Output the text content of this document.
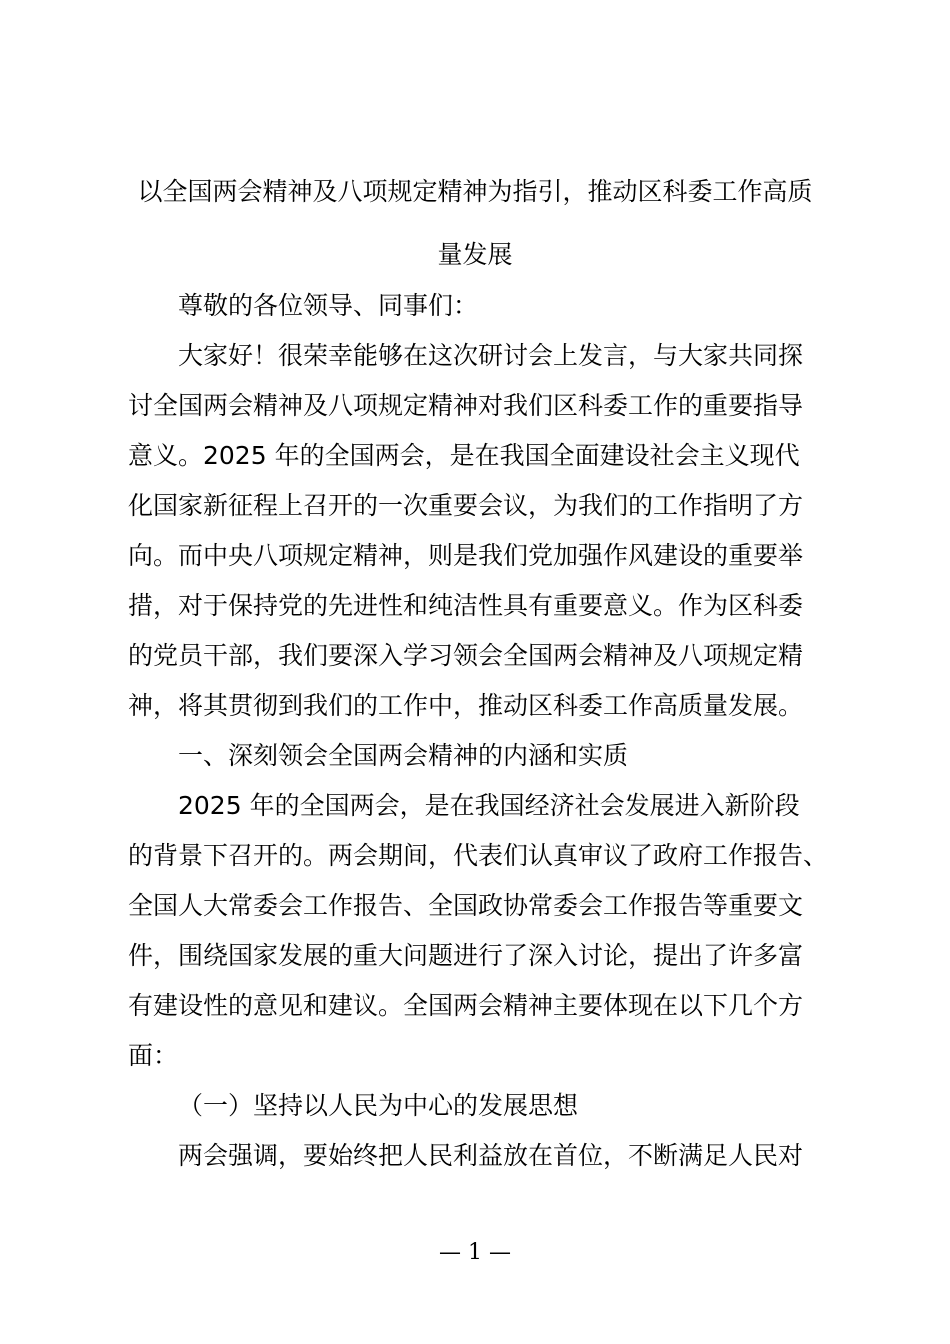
以全国两会精神及八项规定精神为指引，推动区科委工作高质
量发展
尊敬的各位领导、同事们：
大家好！很荣幸能够在这次研讨会上发言，与大家共同探
讨全国两会精神及八项规定精神对我们区科委工作的重要指导
意义。2025 年的全国两会，是在我国全面建设社会主义现代
化国家新征程上召开的一次重要会议，为我们的工作指明了方
向。而中央八项规定精神，则是我们党加强作风建设的重要举
措，对于保持党的先进性和纯洁性具有重要意义。作为区科委
的党员干部，我们要深入学习领会全国两会精神及八项规定精
神，将其贯彻到我们的工作中，推动区科委工作高质量发展。
一、深刻领会全国两会精神的内涵和实质
2025 年的全国两会，是在我国经济社会发展进入新阶段
的背景下召开的。两会期间，代表们认真审议了政府工作报告、
全国人大常委会工作报告、全国政协常委会工作报告等重要文
件，围绕国家发展的重大问题进行了深入讨论，提出了许多富
有建设性的意见和建议。全国两会精神主要体现在以下几个方
面：
（一）坚持以人民为中心的发展思想
两会强调，要始终把人民利益放在首位，不断满足人民对
— 1 —
